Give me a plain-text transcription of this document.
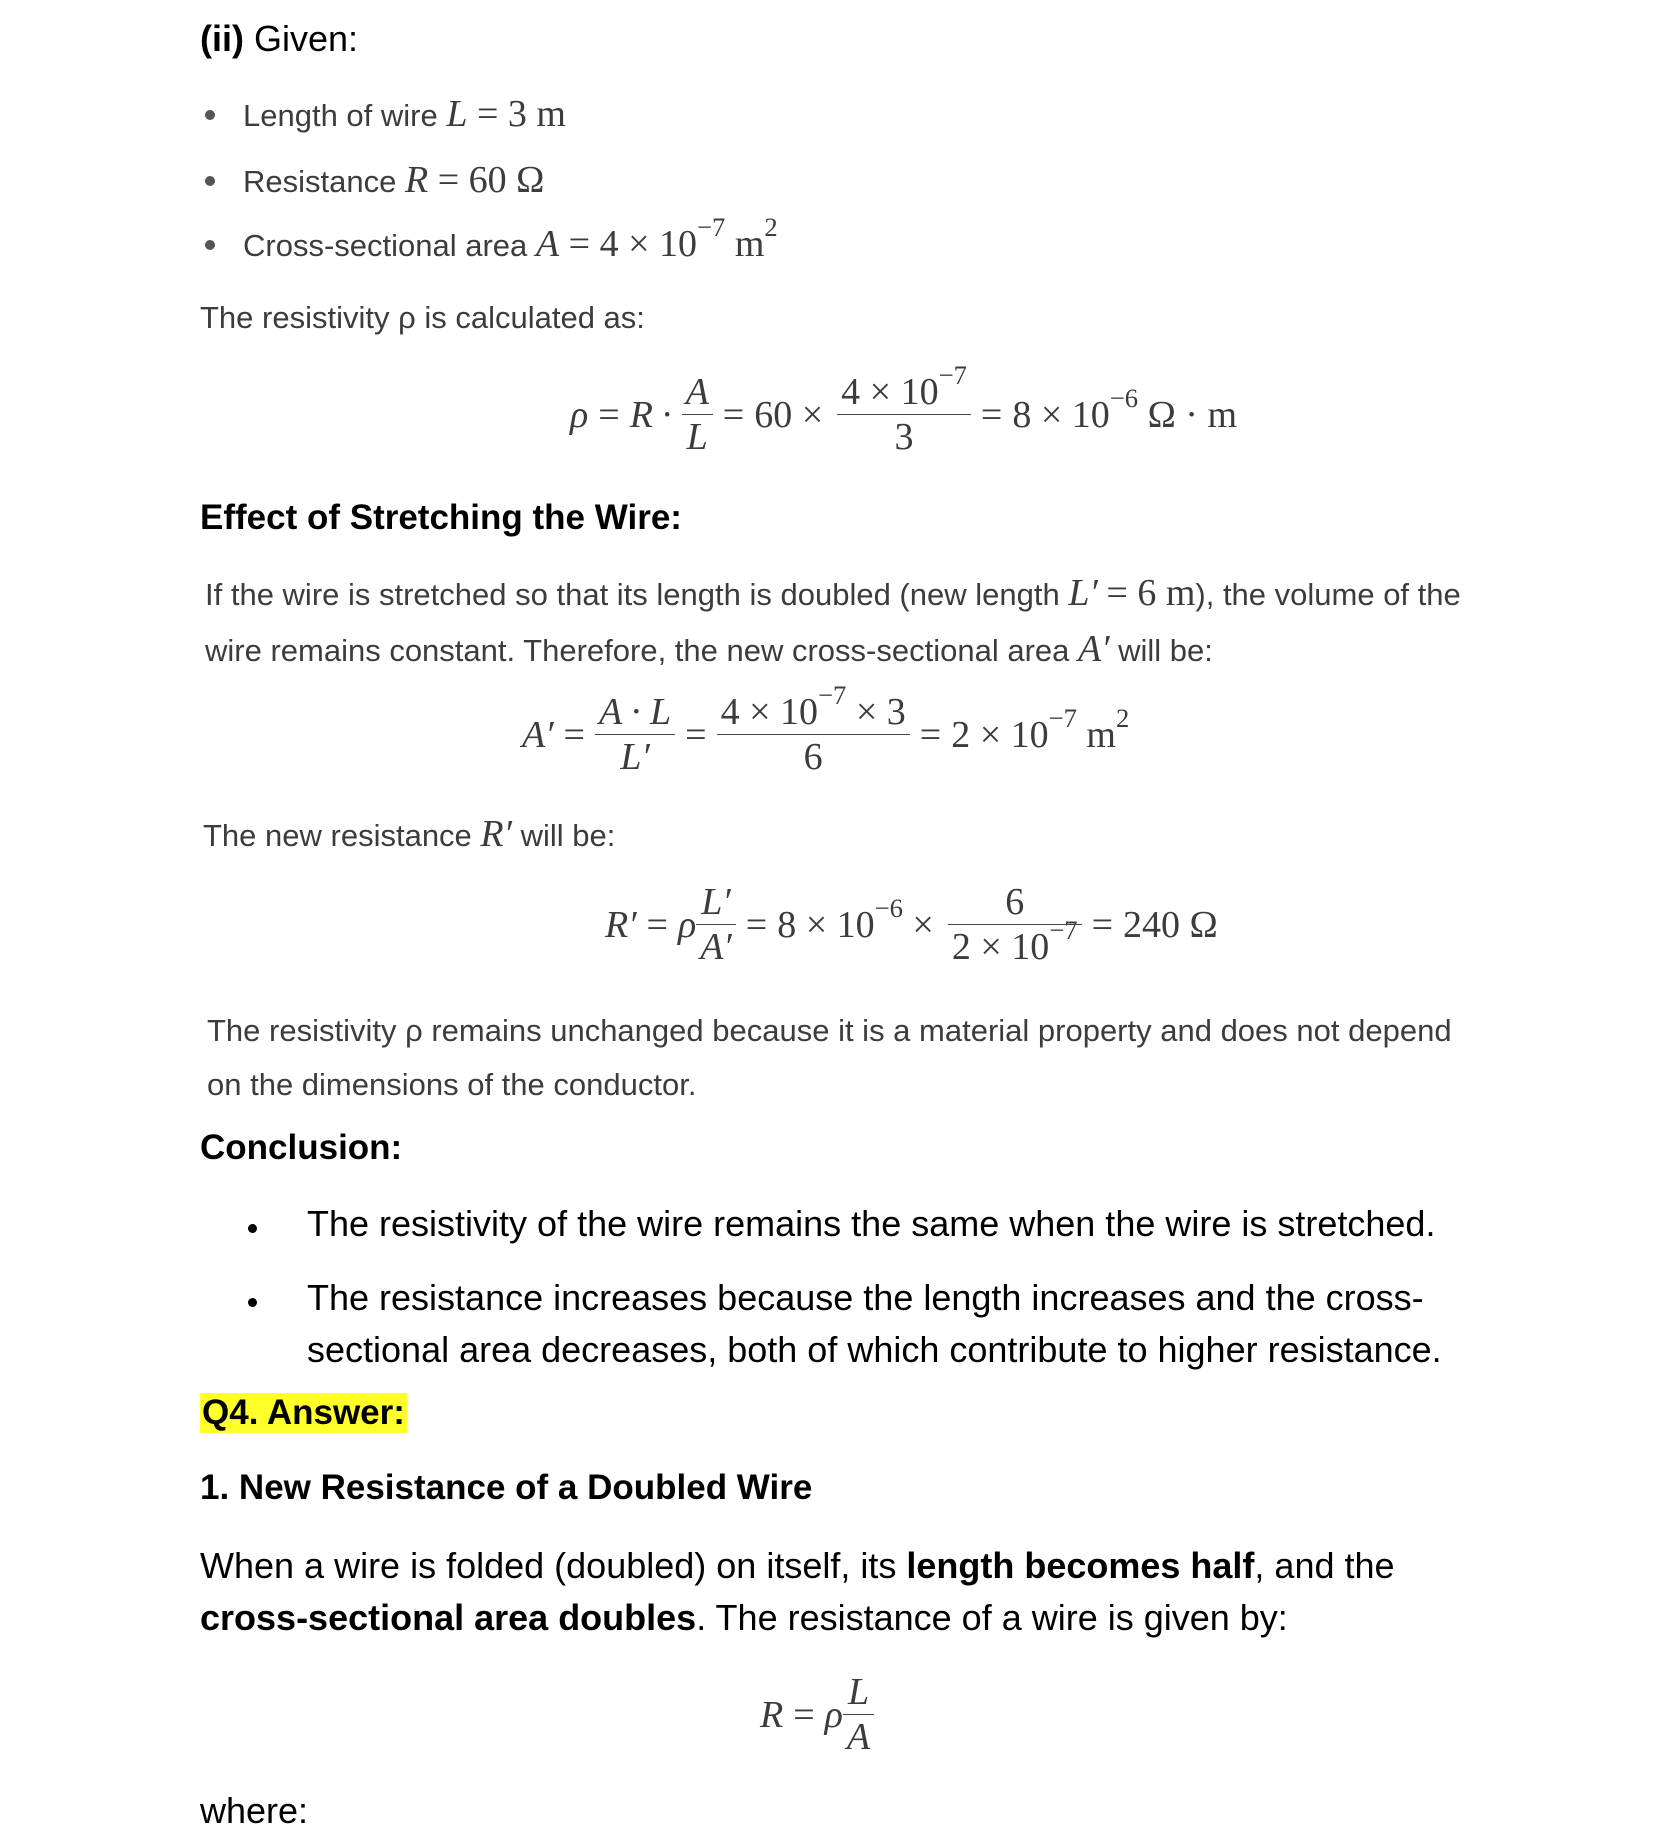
(ii) Given:
Length of wire L = 3 m
Resistance R = 60 Ω
Cross-sectional area $A = 4 \times 10^{-7}$ $m^2$
The resistivity ρ is calculated as:
$\rho = R \cdot \frac{A}{L} = 60 \times \frac{4 \times 10^{-7}}{3} = 8 \times 10^{-6}$ Ω · m
Effect of Stretching the Wire:
If the wire is stretched so that its length is doubled (new length L′ = 6 m), the volume of the wire remains constant. Therefore, the new cross-sectional area A′ will be:
$A' = \frac{A \cdot L}{L'} = \frac{4 \times 10^{-7} \times 3}{6} = 2 \times 10^{-7}$ $m^2$
The new resistance R′ will be:
R′ = ρ $\frac{L'}{A'} = 8 \times 10^{-6} \times \frac{6}{2 \times 10^{-7}} = 240$ Ω
The resistivity ρ remains unchanged because it is a material property and does not depend on the dimensions of the conductor.
Conclusion:
The resistivity of the wire remains the same when the wire is stretched.
The resistance increases because the length increases and the cross-sectional area decreases, both of which contribute to higher resistance.
Q4. Answer:
1. New Resistance of a Doubled Wire
When a wire is folded (doubled) on itself, its length becomes half, and the cross-sectional area doubles. The resistance of a wire is given by:
R = ρ $\frac{L}{A}$
where:
